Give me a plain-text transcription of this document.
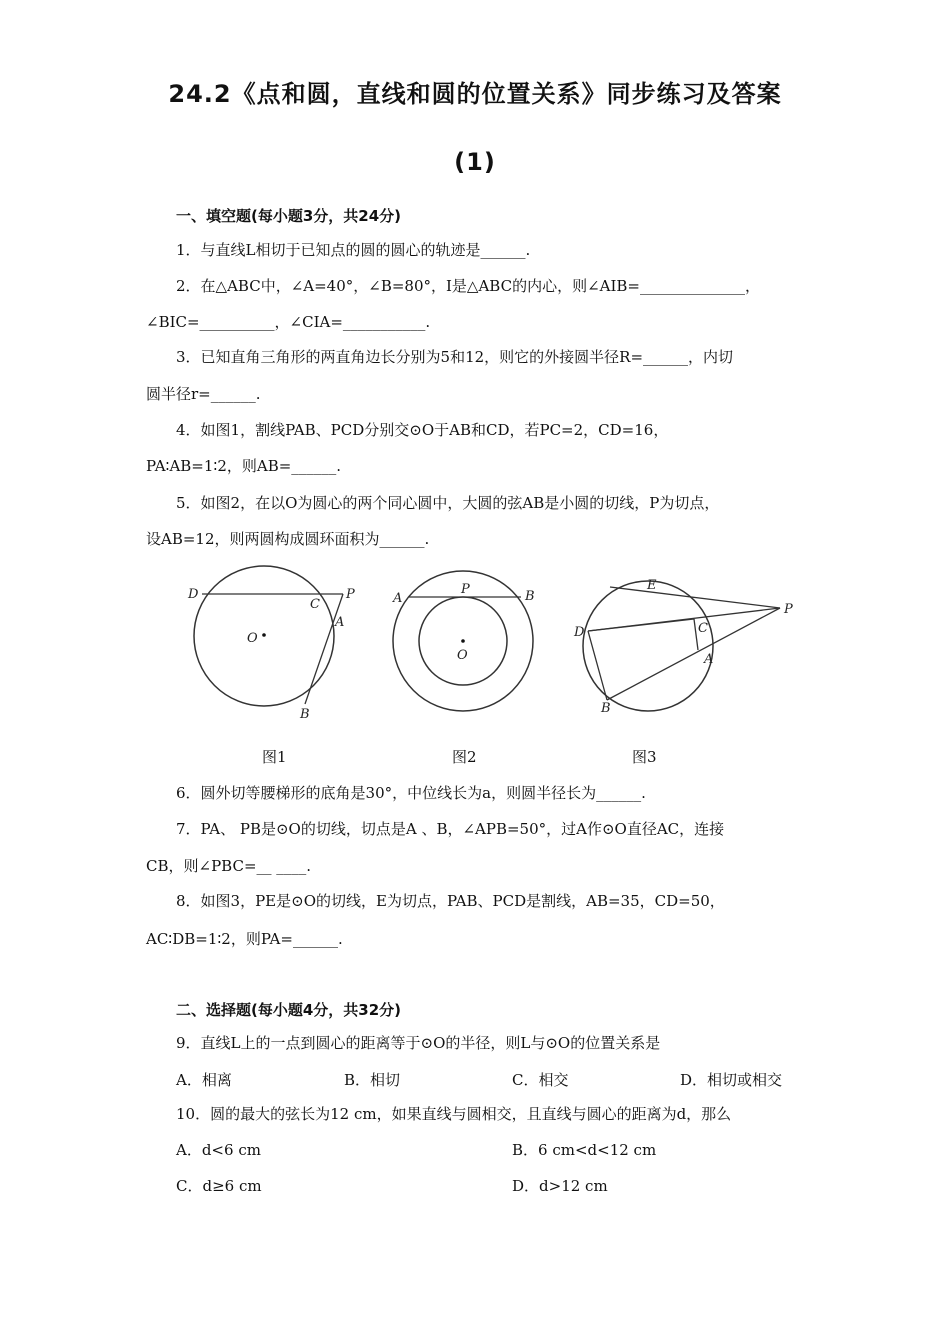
24.2《点和圆，直线和圆的位置关系》同步练习及答案
(1)
一、填空题(每小题3分，共24分)
1．与直线L相切于已知点的圆的圆心的轨迹是______.
2．在△ABC中，∠A=40°，∠B=80°，I是△ABC的内心，则∠AIB=______________，
∠BIC=__________，∠CIA=___________.
3．已知直角三角形的两直角边长分别为5和12，则它的外接圆半径R=______，内切
圆半径r=______.
4．如图1，割线PAB、PCD分别交⊙O于AB和CD，若PC=2，CD=16，
PA∶AB=1∶2，则AB=______.
5．如图2，在以O为圆心的两个同心圆中，大圆的弦AB是小圆的切线，P为切点，
设AB=12，则两圆构成圆环面积为______.
D
C
P
A
O
B
A
P	B
O
E
P
D	C
A
B
图1	图2	图3
6．圆外切等腰梯形的底角是30°，中位线长为a，则圆半径长为______.
7．PA、 PB是⊙O的切线，切点是A 、B，∠APB=50°，过A作⊙O直径AC，连接
CB，则∠PBC=__ ____.
8．如图3，PE是⊙O的切线，E为切点，PAB、PCD是割线，AB=35，CD=50，
AC∶DB=1∶2，则PA=______.
二、选择题(每小题4分，共32分)
9．直线L上的一点到圆心的距离等于⊙O的半径，则L与⊙O的位置关系是
A．相离	B．相切	C．相交	D．相切或相交
10．圆的最大的弦长为12 cm，如果直线与圆相交，且直线与圆心的距离为d，那么
A．d<6 cm	B．6 cm<d<12 cm
C．d≥6 cm	D．d>12 cm
